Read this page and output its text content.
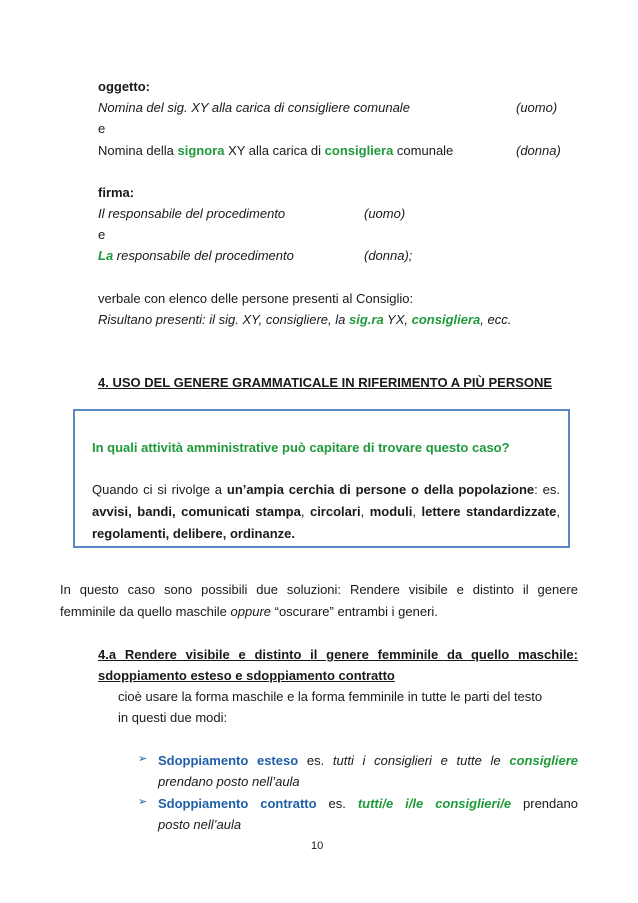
oggetto:
Nomina del sig. XY alla carica di consigliere comunale	(uomo)
e
Nomina della signora XY alla carica di consigliera comunale	(donna)
firma:
Il responsabile del procedimento	(uomo)
e
La responsabile del procedimento	(donna);
verbale con elenco delle persone presenti al Consiglio:
Risultano presenti: il sig. XY, consigliere, la sig.ra YX, consigliera, ecc.
4. USO DEL GENERE GRAMMATICALE IN RIFERIMENTO A PIÙ PERSONE
In quali attività amministrative può capitare di trovare questo caso?
Quando ci si rivolge a un’ampia cerchia di persone o della popolazione: es.
avvisi, bandi, comunicati stampa, circolari, moduli, lettere standardizzate,
regolamenti, delibere, ordinanze.
In questo caso sono possibili due soluzioni: Rendere visibile e distinto il genere
femminile da quello maschile oppure “oscurare” entrambi i generi.
4.a Rendere visibile e distinto il genere femminile da quello maschile:
sdoppiamento esteso e sdoppiamento contratto
cioè usare la forma maschile e la forma femminile in tutte le parti del testo
in questi due modi:
➢ Sdoppiamento esteso es. tutti i consiglieri e tutte le consigliere
prendano posto nell’aula
➢ Sdoppiamento contratto es. tutti/e i/le consiglieri/e prendano
posto nell’aula
10
